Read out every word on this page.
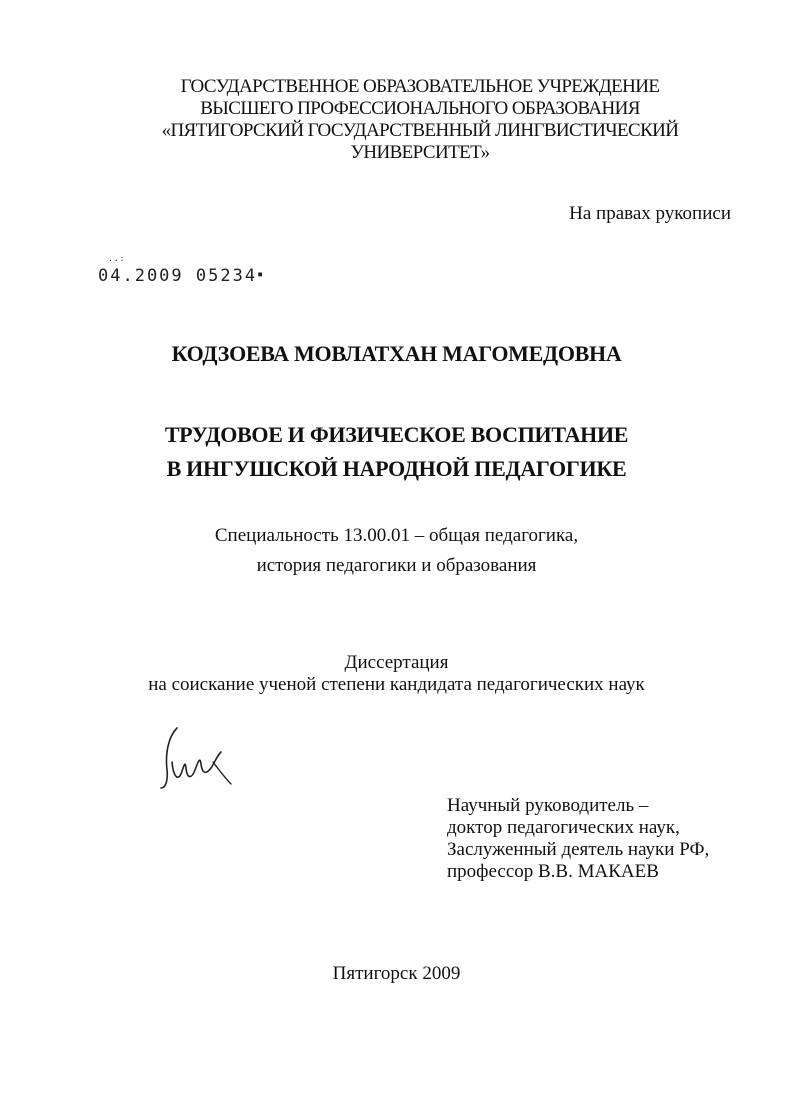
ГОСУДАРСТВЕННОЕ ОБРАЗОВАТЕЛЬНОЕ УЧРЕЖДЕНИЕ
ВЫСШЕГО ПРОФЕССИОНАЛЬНОГО ОБРАЗОВАНИЯ
«ПЯТИГОРСКИЙ ГОСУДАРСТВЕННЫЙ ЛИНГВИСТИЧЕСКИЙ
УНИВЕРСИТЕТ»
На правах рукописи
..:
04.2009 05234▪
КОДЗОЕВА МОВЛАТХАН МАГОМЕДОВНА
ТРУДОВОЕ И ФИЗИЧЕСКОЕ ВОСПИТАНИЕ
В ИНГУШСКОЙ НАРОДНОЙ ПЕДАГОГИКЕ
Специальность 13.00.01 – общая педагогика,
история педагогики и образования
Диссертация
на соискание ученой степени кандидата педагогических наук
Научный руководитель –
доктор педагогических наук,
Заслуженный деятель науки РФ,
профессор В.В. МАКАЕВ
Пятигорск 2009
